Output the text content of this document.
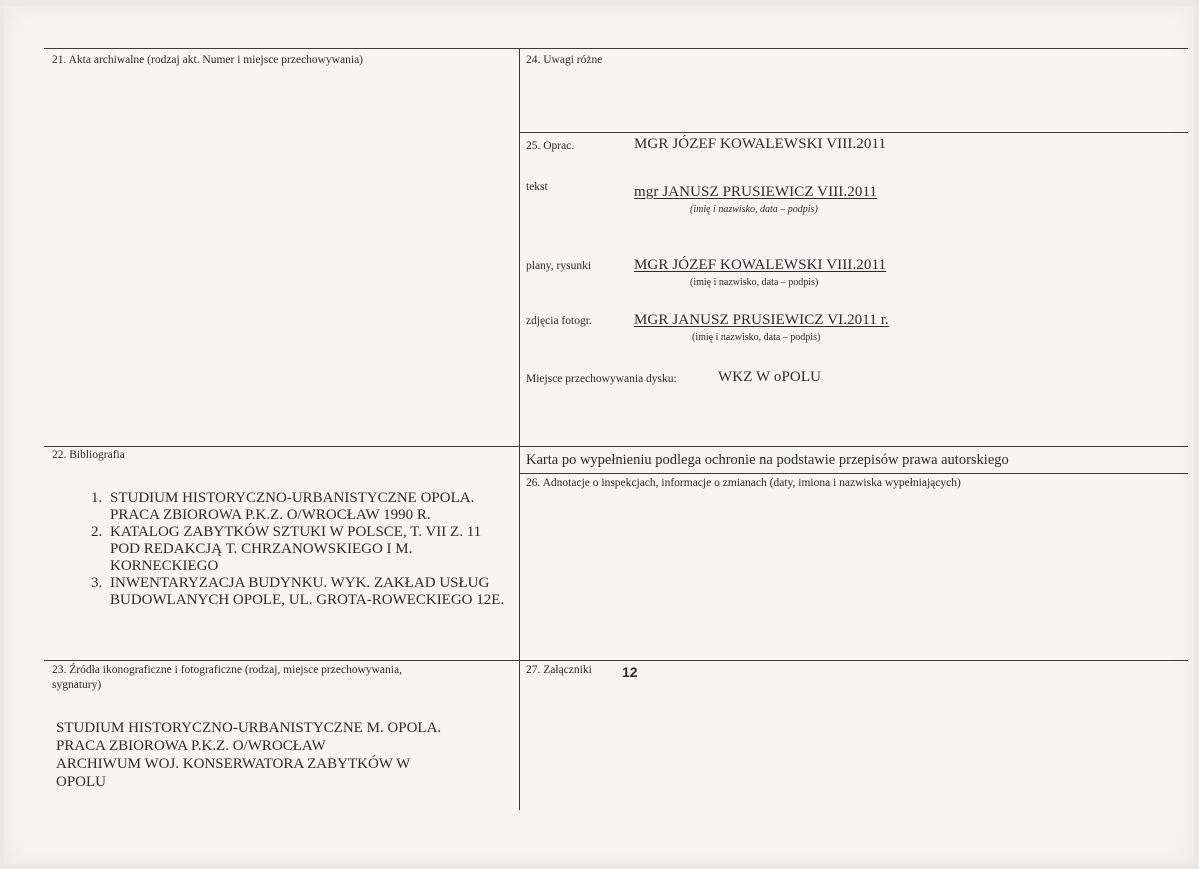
21. Akta archiwalne (rodzaj akt. Numer i miejsce przechowywania)	24. Uwagi różne
25. Oprac.	MGR JÓZEF KOWALEWSKI VIII.2011
tekst	mgr JANUSZ PRUSIEWICZ VIII.2011
(imię i nazwisko, data – podpis)
plany, rysunki	MGR JÓZEF KOWALEWSKI VIII.2011
(imię i nazwisko, data – podpis)
zdjęcia fotogr.	MGR JANUSZ PRUSIEWICZ VI.2011 r.
(imię i nazwisko, data – podpis)
Miejsce przechowywania dysku:	WKZ W oPOLU
22. Bibliografia
1. STUDIUM HISTORYCZNO-URBANISTYCZNE OPOLA. PRACA ZBIOROWA P.K.Z. O/WROCŁAW 1990 R.
2. KATALOG ZABYTKÓW SZTUKI W POLSCE, T. VII Z. 11 POD REDAKCJĄ T. CHRZANOWSKIEGO I M. KORNECKIEGO
3. INWENTARYZACJA BUDYNKU. WYK. ZAKŁAD USŁUG BUDOWLANYCH OPOLE, UL. GROTA-ROWECKIEGO 12E.
Karta po wypełnieniu podlega ochronie na podstawie przepisów prawa autorskiego
26. Adnotacje o inspekcjach, informacje o zmianach (daty, imiona i nazwiska wypełniających)
23. Źródła ikonograficzne i fotograficzne (rodzaj, miejsce przechowywania,
sygnatury)
STUDIUM HISTORYCZNO-URBANISTYCZNE M. OPOLA.
PRACA ZBIOROWA P.K.Z. O/WROCŁAW
ARCHIWUM WOJ. KONSERWATORA ZABYTKÓW W
OPOLU
27. Załączniki 12
